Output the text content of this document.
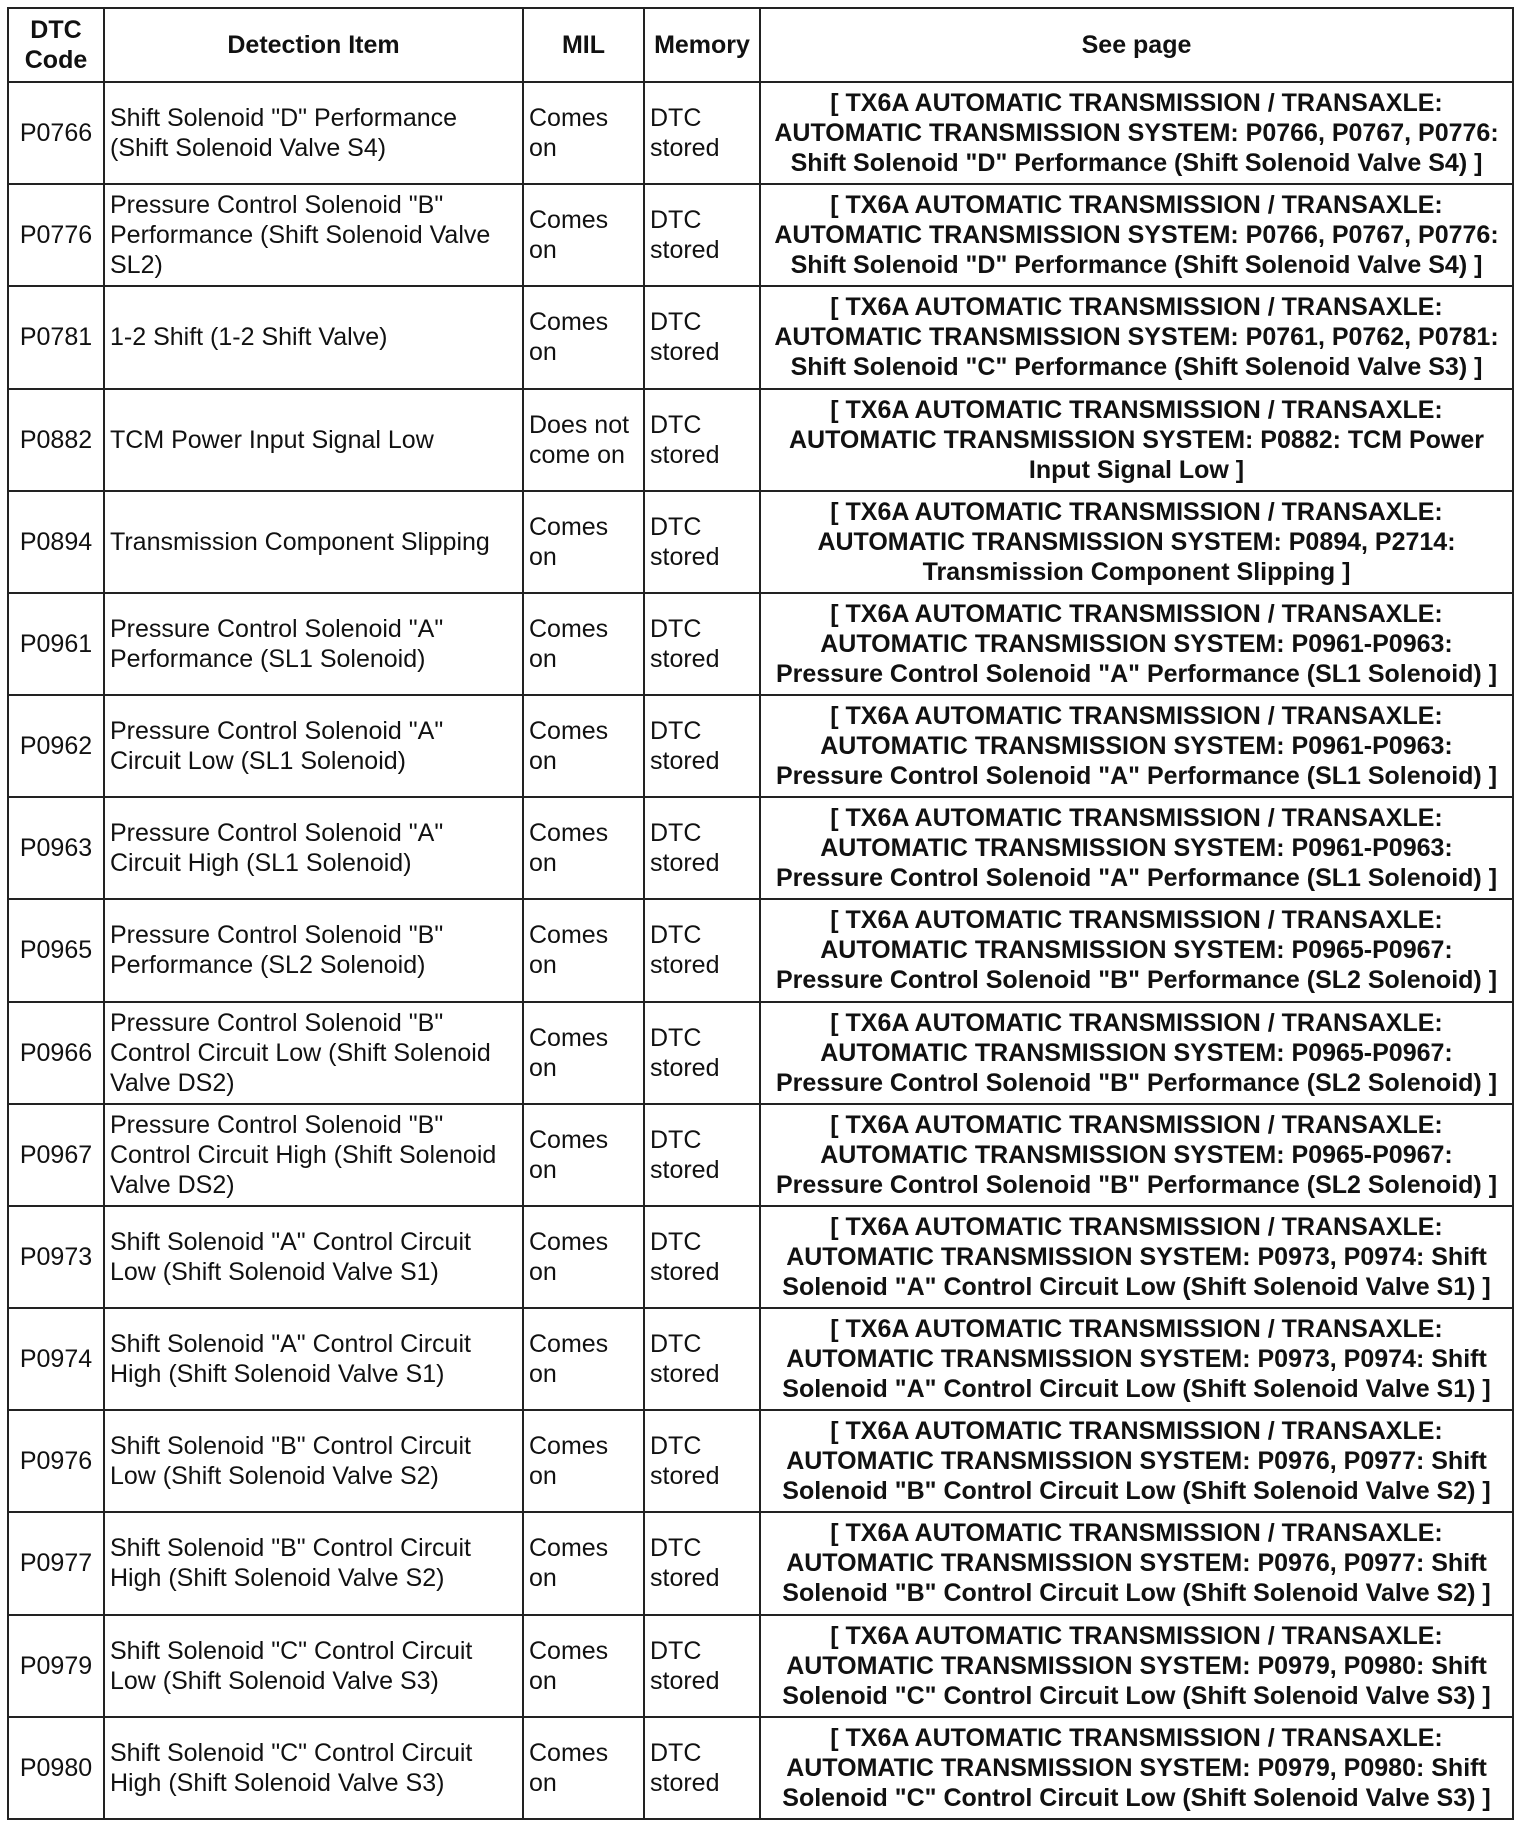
DTC Code	Detection Item	MIL	Memory	See page
P0766	Shift Solenoid "D" Performance (Shift Solenoid Valve S4)	Comes on	DTC stored	[ TX6A AUTOMATIC TRANSMISSION / TRANSAXLE: AUTOMATIC TRANSMISSION SYSTEM: P0766, P0767, P0776: Shift Solenoid "D" Performance (Shift Solenoid Valve S4) ]
P0776	Pressure Control Solenoid "B" Performance (Shift Solenoid Valve SL2)	Comes on	DTC stored	[ TX6A AUTOMATIC TRANSMISSION / TRANSAXLE: AUTOMATIC TRANSMISSION SYSTEM: P0766, P0767, P0776: Shift Solenoid "D" Performance (Shift Solenoid Valve S4) ]
P0781	1-2 Shift (1-2 Shift Valve)	Comes on	DTC stored	[ TX6A AUTOMATIC TRANSMISSION / TRANSAXLE: AUTOMATIC TRANSMISSION SYSTEM: P0761, P0762, P0781: Shift Solenoid "C" Performance (Shift Solenoid Valve S3) ]
P0882	TCM Power Input Signal Low	Does not come on	DTC stored	[ TX6A AUTOMATIC TRANSMISSION / TRANSAXLE: AUTOMATIC TRANSMISSION SYSTEM: P0882: TCM Power Input Signal Low ]
P0894	Transmission Component Slipping	Comes on	DTC stored	[ TX6A AUTOMATIC TRANSMISSION / TRANSAXLE: AUTOMATIC TRANSMISSION SYSTEM: P0894, P2714: Transmission Component Slipping ]
P0961	Pressure Control Solenoid "A" Performance (SL1 Solenoid)	Comes on	DTC stored	[ TX6A AUTOMATIC TRANSMISSION / TRANSAXLE: AUTOMATIC TRANSMISSION SYSTEM: P0961-P0963: Pressure Control Solenoid "A" Performance (SL1 Solenoid) ]
P0962	Pressure Control Solenoid "A" Circuit Low (SL1 Solenoid)	Comes on	DTC stored	[ TX6A AUTOMATIC TRANSMISSION / TRANSAXLE: AUTOMATIC TRANSMISSION SYSTEM: P0961-P0963: Pressure Control Solenoid "A" Performance (SL1 Solenoid) ]
P0963	Pressure Control Solenoid "A" Circuit High (SL1 Solenoid)	Comes on	DTC stored	[ TX6A AUTOMATIC TRANSMISSION / TRANSAXLE: AUTOMATIC TRANSMISSION SYSTEM: P0961-P0963: Pressure Control Solenoid "A" Performance (SL1 Solenoid) ]
P0965	Pressure Control Solenoid "B" Performance (SL2 Solenoid)	Comes on	DTC stored	[ TX6A AUTOMATIC TRANSMISSION / TRANSAXLE: AUTOMATIC TRANSMISSION SYSTEM: P0965-P0967: Pressure Control Solenoid "B" Performance (SL2 Solenoid) ]
P0966	Pressure Control Solenoid "B" Control Circuit Low (Shift Solenoid Valve DS2)	Comes on	DTC stored	[ TX6A AUTOMATIC TRANSMISSION / TRANSAXLE: AUTOMATIC TRANSMISSION SYSTEM: P0965-P0967: Pressure Control Solenoid "B" Performance (SL2 Solenoid) ]
P0967	Pressure Control Solenoid "B" Control Circuit High (Shift Solenoid Valve DS2)	Comes on	DTC stored	[ TX6A AUTOMATIC TRANSMISSION / TRANSAXLE: AUTOMATIC TRANSMISSION SYSTEM: P0965-P0967: Pressure Control Solenoid "B" Performance (SL2 Solenoid) ]
P0973	Shift Solenoid "A" Control Circuit Low (Shift Solenoid Valve S1)	Comes on	DTC stored	[ TX6A AUTOMATIC TRANSMISSION / TRANSAXLE: AUTOMATIC TRANSMISSION SYSTEM: P0973, P0974: Shift Solenoid "A" Control Circuit Low (Shift Solenoid Valve S1) ]
P0974	Shift Solenoid "A" Control Circuit High (Shift Solenoid Valve S1)	Comes on	DTC stored	[ TX6A AUTOMATIC TRANSMISSION / TRANSAXLE: AUTOMATIC TRANSMISSION SYSTEM: P0973, P0974: Shift Solenoid "A" Control Circuit Low (Shift Solenoid Valve S1) ]
P0976	Shift Solenoid "B" Control Circuit Low (Shift Solenoid Valve S2)	Comes on	DTC stored	[ TX6A AUTOMATIC TRANSMISSION / TRANSAXLE: AUTOMATIC TRANSMISSION SYSTEM: P0976, P0977: Shift Solenoid "B" Control Circuit Low (Shift Solenoid Valve S2) ]
P0977	Shift Solenoid "B" Control Circuit High (Shift Solenoid Valve S2)	Comes on	DTC stored	[ TX6A AUTOMATIC TRANSMISSION / TRANSAXLE: AUTOMATIC TRANSMISSION SYSTEM: P0976, P0977: Shift Solenoid "B" Control Circuit Low (Shift Solenoid Valve S2) ]
P0979	Shift Solenoid "C" Control Circuit Low (Shift Solenoid Valve S3)	Comes on	DTC stored	[ TX6A AUTOMATIC TRANSMISSION / TRANSAXLE: AUTOMATIC TRANSMISSION SYSTEM: P0979, P0980: Shift Solenoid "C" Control Circuit Low (Shift Solenoid Valve S3) ]
P0980	Shift Solenoid "C" Control Circuit High (Shift Solenoid Valve S3)	Comes on	DTC stored	[ TX6A AUTOMATIC TRANSMISSION / TRANSAXLE: AUTOMATIC TRANSMISSION SYSTEM: P0979, P0980: Shift Solenoid "C" Control Circuit Low (Shift Solenoid Valve S3) ]
